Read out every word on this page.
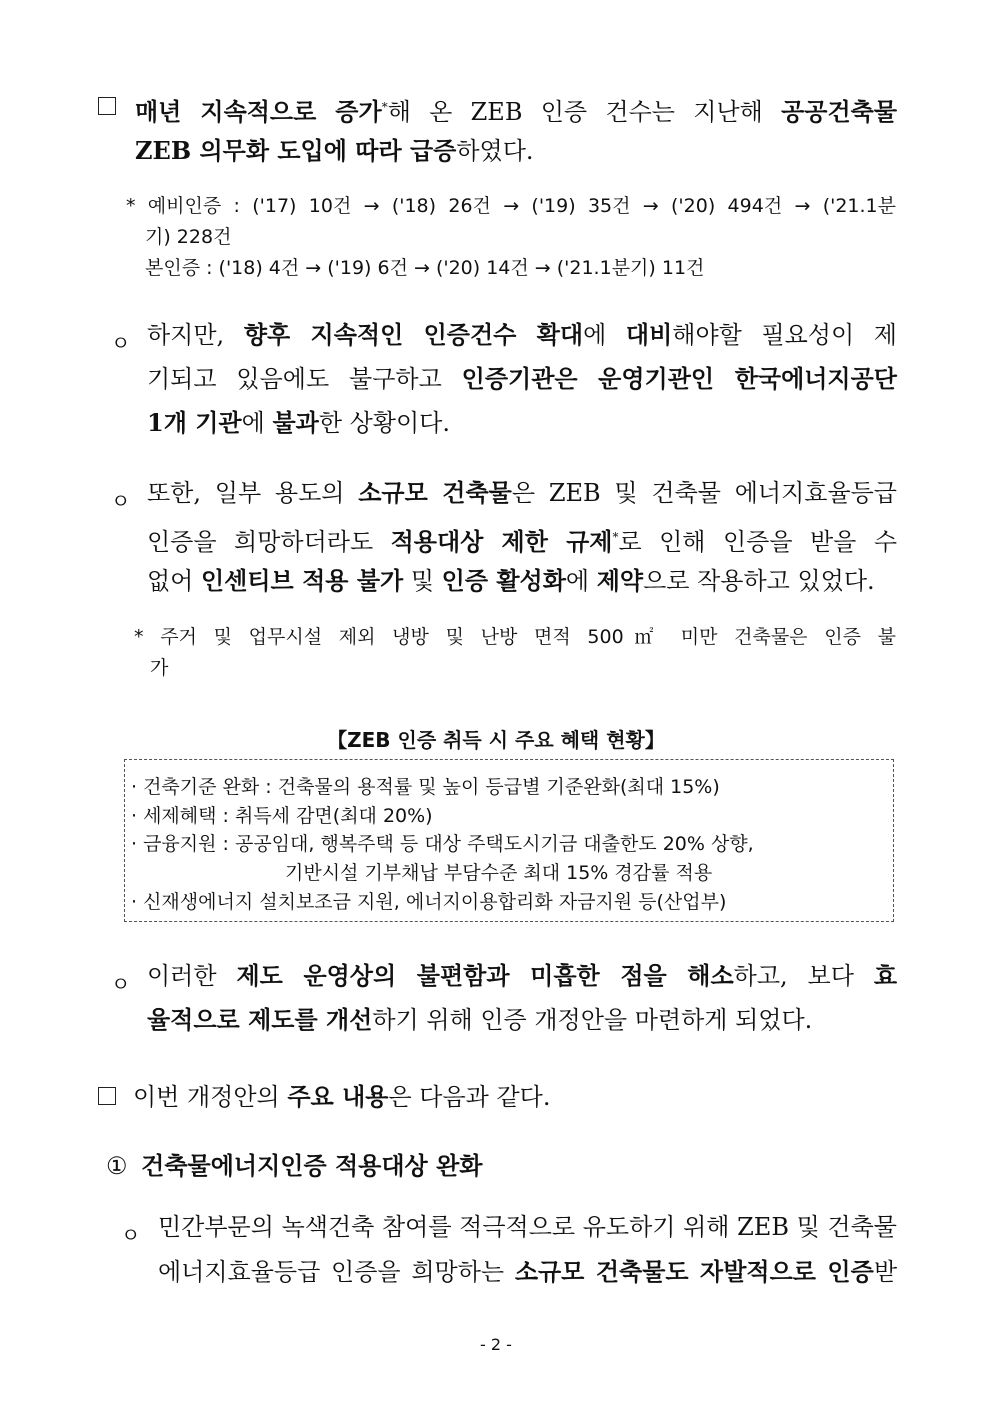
매년 지속적으로 증가*해 온 ZEB 인증 건수는 지난해 공공건축물
ZEB 의무화 도입에 따라 급증하였다.
* 예비인증 : ('17) 10건 → ('18) 26건 → ('19) 35건 → ('20) 494건 → ('21.1분
기) 228건
본인증 : ('18) 4건 → ('19) 6건 → ('20) 14건 → ('21.1분기) 11건
ㅇ 하지만, 향후 지속적인 인증건수 확대에 대비해야할 필요성이 제
기되고 있음에도 불구하고 인증기관은 운영기관인 한국에너지공단
1개 기관에 불과한 상황이다.
ㅇ 또한, 일부 용도의 소규모 건축물은 ZEB 및 건축물 에너지효율등급
인증을 희망하더라도 적용대상 제한 규제*로 인해 인증을 받을 수
없어 인센티브 적용 불가 및 인증 활성화에 제약으로 작용하고 있었다.
* 주거 및 업무시설 제외 냉방 및 난방 면적 500㎡ 미만 건축물은 인증 불
가
【ZEB 인증 취득 시 주요 혜택 현황】
· 건축기준 완화 : 건축물의 용적률 및 높이 등급별 기준완화(최대 15%)
· 세제혜택 : 취득세 감면(최대 20%)
· 금융지원 : 공공임대, 행복주택 등 대상 주택도시기금 대출한도 20% 상향,
기반시설 기부채납 부담수준 최대 15% 경감률 적용
· 신재생에너지 설치보조금 지원, 에너지이용합리화 자금지원 등(산업부)
ㅇ 이러한 제도 운영상의 불편함과 미흡한 점을 해소하고, 보다 효
율적으로 제도를 개선하기 위해 인증 개정안을 마련하게 되었다.
이번 개정안의 주요 내용은 다음과 같다.
① 건축물에너지인증 적용대상 완화
ㅇ 민간부문의 녹색건축 참여를 적극적으로 유도하기 위해 ZEB 및 건축물
에너지효율등급 인증을 희망하는 소규모 건축물도 자발적으로 인증받
- 2 -
